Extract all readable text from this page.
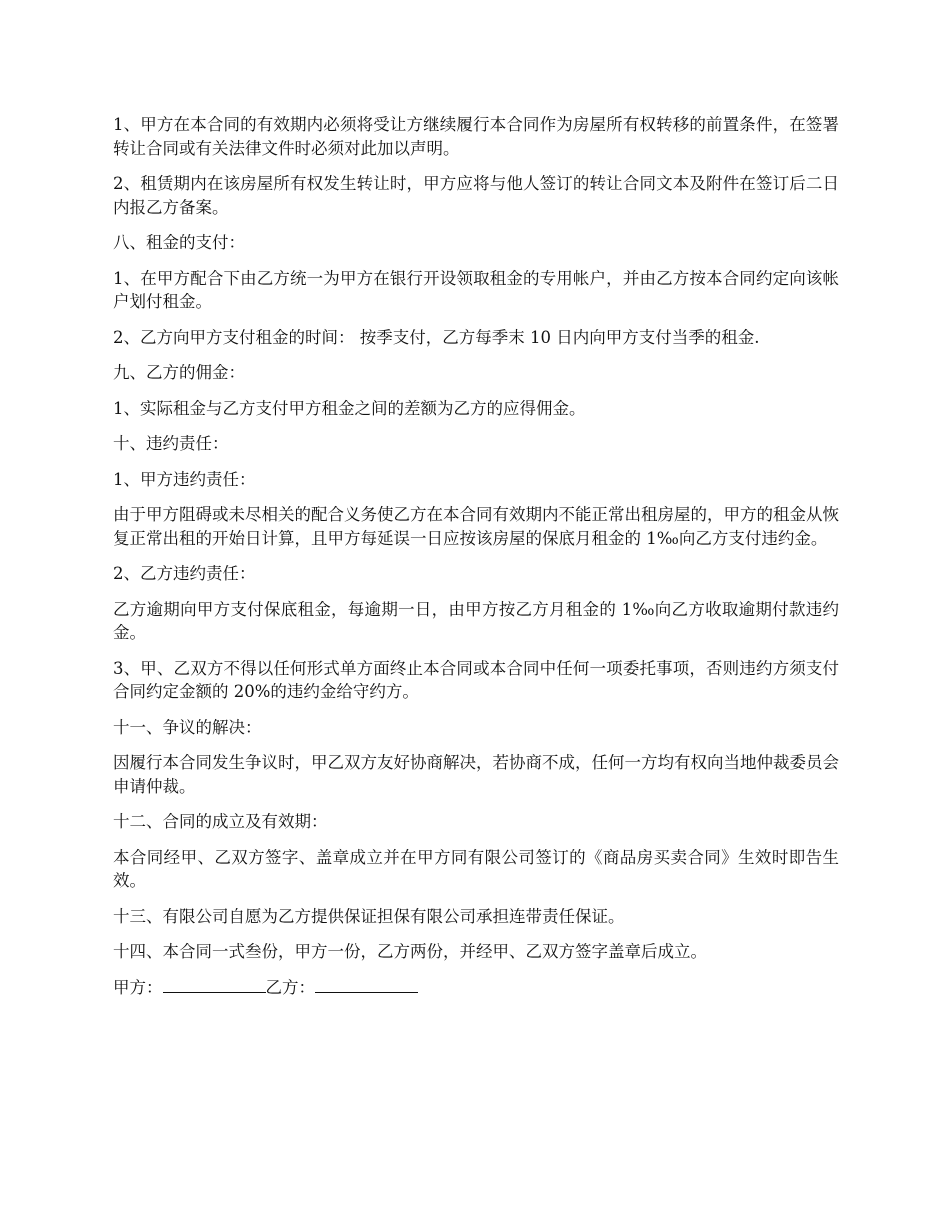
1、甲方在本合同的有效期内必须将受让方继续履行本合同作为房屋所有权转移的前置条件，在签署转让合同或有关法律文件时必须对此加以声明。

2、租赁期内在该房屋所有权发生转让时，甲方应将与他人签订的转让合同文本及附件在签订后二日内报乙方备案。

八、租金的支付：

1、在甲方配合下由乙方统一为甲方在银行开设领取租金的专用帐户，并由乙方按本合同约定向该帐户划付租金。

2、乙方向甲方支付租金的时间： 按季支付，乙方每季末 10 日内向甲方支付当季的租金.

九、乙方的佣金：

1、实际租金与乙方支付甲方租金之间的差额为乙方的应得佣金。

十、违约责任：

1、甲方违约责任：

由于甲方阻碍或未尽相关的配合义务使乙方在本合同有效期内不能正常出租房屋的，甲方的租金从恢复正常出租的开始日计算，且甲方每延误一日应按该房屋的保底月租金的 1‰向乙方支付违约金。

2、乙方违约责任：

乙方逾期向甲方支付保底租金，每逾期一日，由甲方按乙方月租金的 1‰向乙方收取逾期付款违约金。

3、甲、乙双方不得以任何形式单方面终止本合同或本合同中任何一项委托事项，否则违约方须支付合同约定金额的 20%的违约金给守约方。

十一、争议的解决：

因履行本合同发生争议时，甲乙双方友好协商解决，若协商不成，任何一方均有权向当地仲裁委员会申请仲裁。

十二、合同的成立及有效期：

本合同经甲、乙双方签字、盖章成立并在甲方同有限公司签订的《商品房买卖合同》生效时即告生效。

十三、有限公司自愿为乙方提供保证担保有限公司承担连带责任保证。

十四、本合同一式叁份，甲方一份，乙方两份，并经甲、乙双方签字盖章后成立。

甲方：	乙方：
